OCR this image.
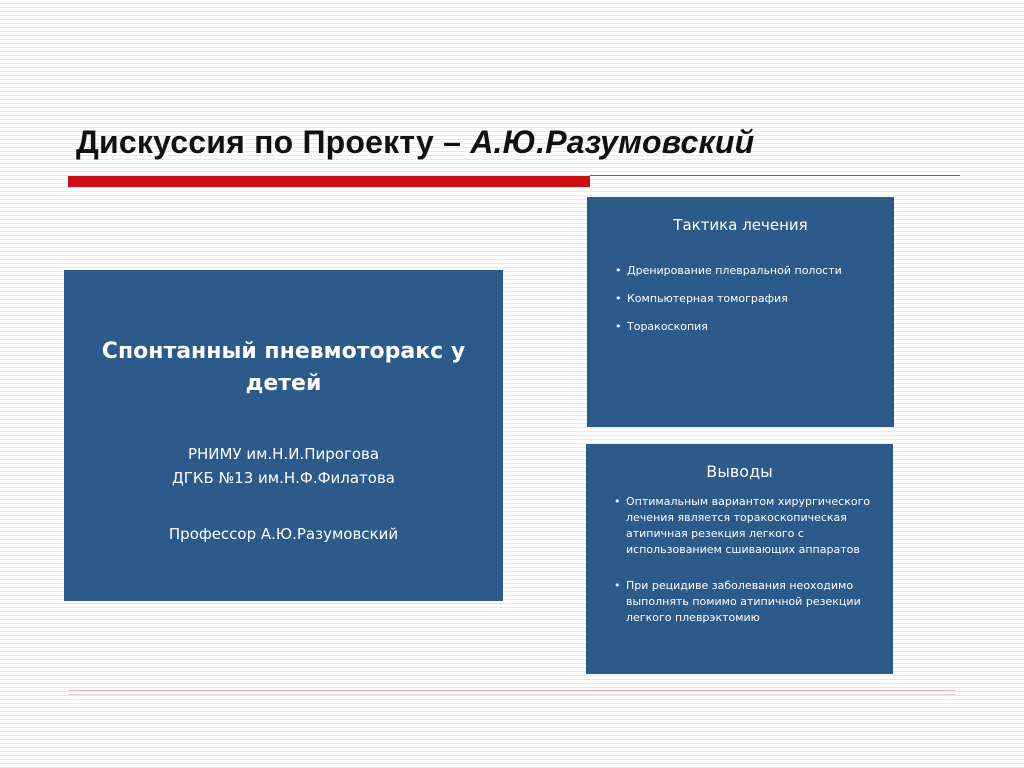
Дискуссия по Проекту – А.Ю.Разумовский
Спонтанный пневмоторакс у детей
РНИМУ им.Н.И.Пирогова
ДГКБ №13 им.Н.Ф.Филатова
Профессор А.Ю.Разумовский
Тактика лечения
• Дренирование плевральной полости
• Компьютерная томография
• Торакоскопия
Выводы
• Оптимальным вариантом хирургического лечения является торакоскопическая атипичная резекция легкого с использованием сшивающих аппаратов
• При рецидиве заболевания неоходимо выполнять помимо атипичной резекции легкого плеврэктомию
